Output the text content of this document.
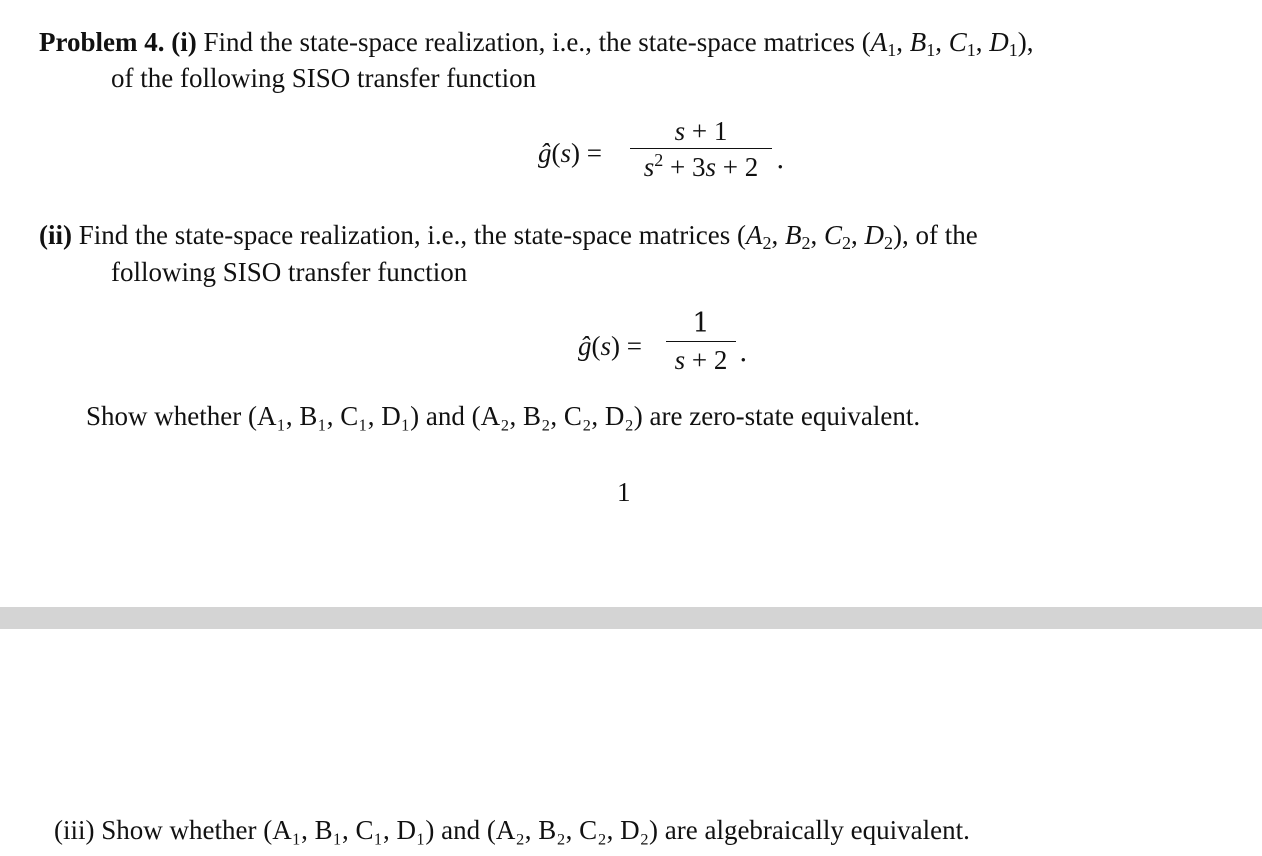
Problem 4. (i) Find the state-space realization, i.e., the state-space matrices ($A_1$, $B_1$, $C_1$, $D_1$),
of the following SISO transfer function
ĝ(s) =
s + 1
$s^2 + 3s + 2$ .
(ii) Find the state-space realization, i.e., the state-space matrices ($A_2$, $B_2$, $C_2$, $D_2$), of the
following SISO transfer function
ĝ(s) =
1
s + 2 .
Show whether (A₁, B₁, C₁, D₁) and (A₂, B₂, C₂, D₂) are zero-state equivalent.
1
(iii) Show whether (A₁, B₁, C₁, D₁) and (A₂, B₂, C₂, D₂) are algebraically equivalent.
